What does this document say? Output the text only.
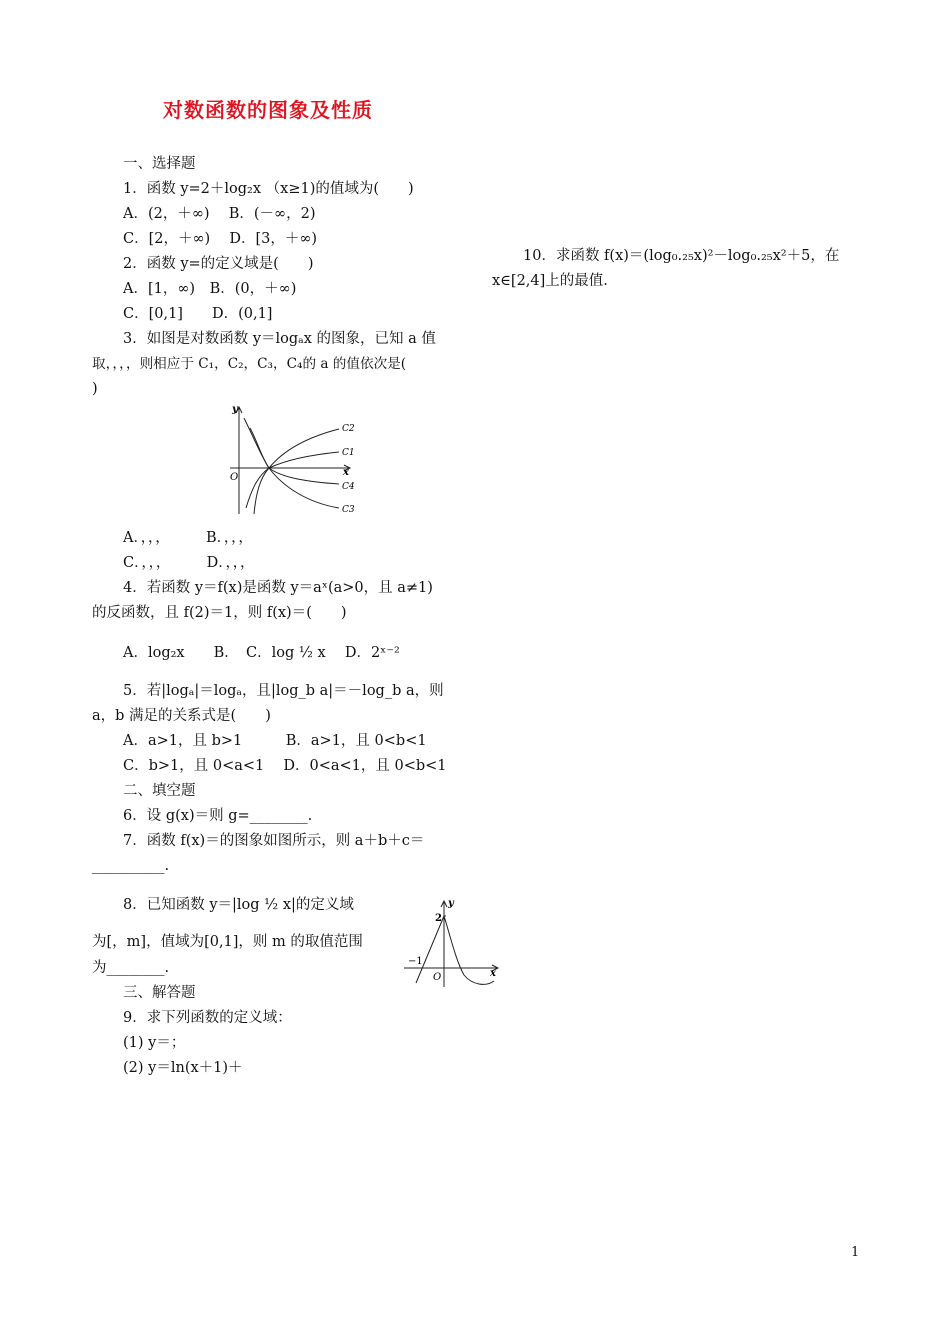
对数函数的图象及性质
一、选择题
1．函数 y=2＋log₂x （x≥1)的值域为(　　)
A．(2，＋∞)　 B．(－∞，2)
C．[2，＋∞)　 D．[3，＋∞)
2．函数 y=的定义域是(　　)
A．[1，∞)　B．(0，＋∞)
C．[0,1]　　D．(0,1]
3．如图是对数函数 y＝logₐx 的图象，已知 a 值
取，，，，则相应于 C₁，C₂，C₃，C₄的 a 的值依次是(
)
y
x
O
C2
C1
C4
C3
A．，，，　　　B．，，，
C．，，，　　　D．，，，
4．若函数 y＝f(x)是函数 y＝aˣ(a>0，且 a≠1)
的反函数，且 f(2)＝1，则 f(x)＝(　　)
A．log₂x　　B．　C．log ½ x　 D．2ˣ⁻²
5．若|logₐ|＝logₐ，且|log_b a|＝－log_b a，则
a，b 满足的关系式是(　　)
A．a>1，且 b>1　　　B．a>1，且 0<b<1
C．b>1，且 0<a<1　 D．0<a<1，且 0<b<1
二、填空题
6．设 g(x)＝则 g=________.
7．函数 f(x)＝的图象如图所示，则 a＋b＋c＝
__________.
8．已知函数 y＝|log ½ x|的定义域
为[，m]，值域为[0,1]，则 m 的取值范围
为________.
y
2
−1
O	x
三、解答题
9．求下列函数的定义域：
(1) y＝；
(2) y＝ln(x＋1)＋
10．求函数 f(x)＝(log₀.₂₅x)²－log₀.₂₅x²＋5，在
x∈[2,4]上的最值.
1
